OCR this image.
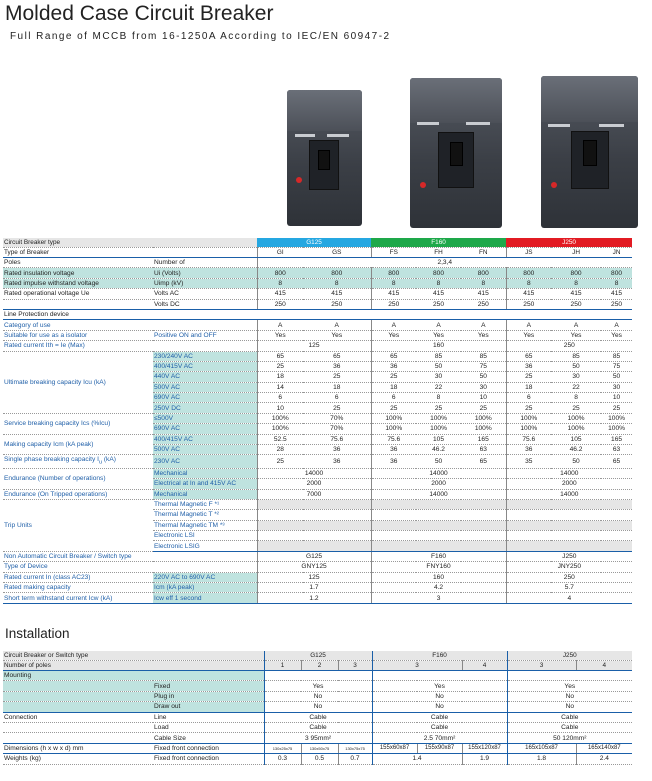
Molded Case Circuit Breaker
Full Range of MCCB from 16-1250A According to IEC/EN 60947-2
Circuit Breaker type		G125		F160			J250		
Type of Breaker		GI	GS	FS	FH	FN	JS	JH	JN
Poles	Number of	2,3,4							
Rated insulation voltage	Ui (Volts)	800	800	800	800	800	800	800	800
Rated impulse withstand voltage	Uimp (kV)	8	8	8	8	8	8	8	8
Rated operational voltage Ue	Volts AC	415	415	415	415	415	415	415	415
	Volts DC	250	250	250	250	250	250	250	250
Line Protection device									
Category of use		A	A	A	A	A	A	A	A
Suitable for use as a isolator	Positive ON and OFF	Yes	Yes	Yes	Yes	Yes	Yes	Yes	Yes
Rated current Ith = Ie (Max)		125		160			250		
Ultimate breaking capacity Icu (kA)	230/240V AC	65	65	65	85	85	65	85	85
	400/415V AC	25	36	36	50	75	36	50	75
	440V AC	18	25	25	30	50	25	30	50
	500V AC	14	18	18	22	30	18	22	30
	690V AC	6	6	6	8	10	6	8	10
	250V DC	10	25	25	25	25	25	25	25
Service breaking capacity Ics (%Icu)	≤500V	100%	70%	100%	100%	100%	100%	100%	100%
	690V AC	100%	70%	100%	100%	100%	100%	100%	100%
Making capacity Icm (kA peak)	400/415V AC	52.5	75.6	75.6	105	165	75.6	105	165
	500V AC	28	36	36	46.2	63	36	46.2	63
Single phase breaking capacity $I_u$ (kA)	230V AC	25	36	36	50	65	35	50	65
Endurance (Number of operations)	Mechanical	14000		14000			14000		
	Electrical at In and 415V AC	2000		2000			2000		
Endurance (On Tripped operations)	Mechanical	7000		14000			14000		
Trip Units	Thermal Magnetic F *¹								
	Thermal Magnetic T *²								
	Thermal Magnetic TM *³								
	Electronic LSI								
	Electronic LSIG								
Non Automatic Circuit Breaker / Switch type		G125		F160			J250		
Type of Device		GNY125		FNY160			JNY250		
Rated current In (class AC23)	220V AC to 690V AC	125		160			250		
Rated making capacity	Icm (kA peak)	1.7		4.2			5.7		
Short term withstand current Icw (kA)	Icw eff 1 second	1.2		3			4		
Installation
Circuit Breaker or Switch type		G125			F160			J250	
Number of poles		1	2	3	3		4	3	4
Mounting									
	Fixed	Yes			Yes			Yes	
	Plug in	No			No			No	
	Draw out	No			No			No	
Connection	Line	Cable			Cable			Cable	
	Load	Cable			Cable			Cable	
	Cable Size	3 95mm²			2.5 70mm²			50 120mm²	
Dimensions (h x w x d) mm	Fixed front connection	130x25x75	130x50x75	130x75x75	155x60x87	155x90x87	155x120x87	165x105x87	165x140x87
Weights (kg)	Fixed front connection	0.3	0.5	0.7	1.4		1.9	1.8	2.4
